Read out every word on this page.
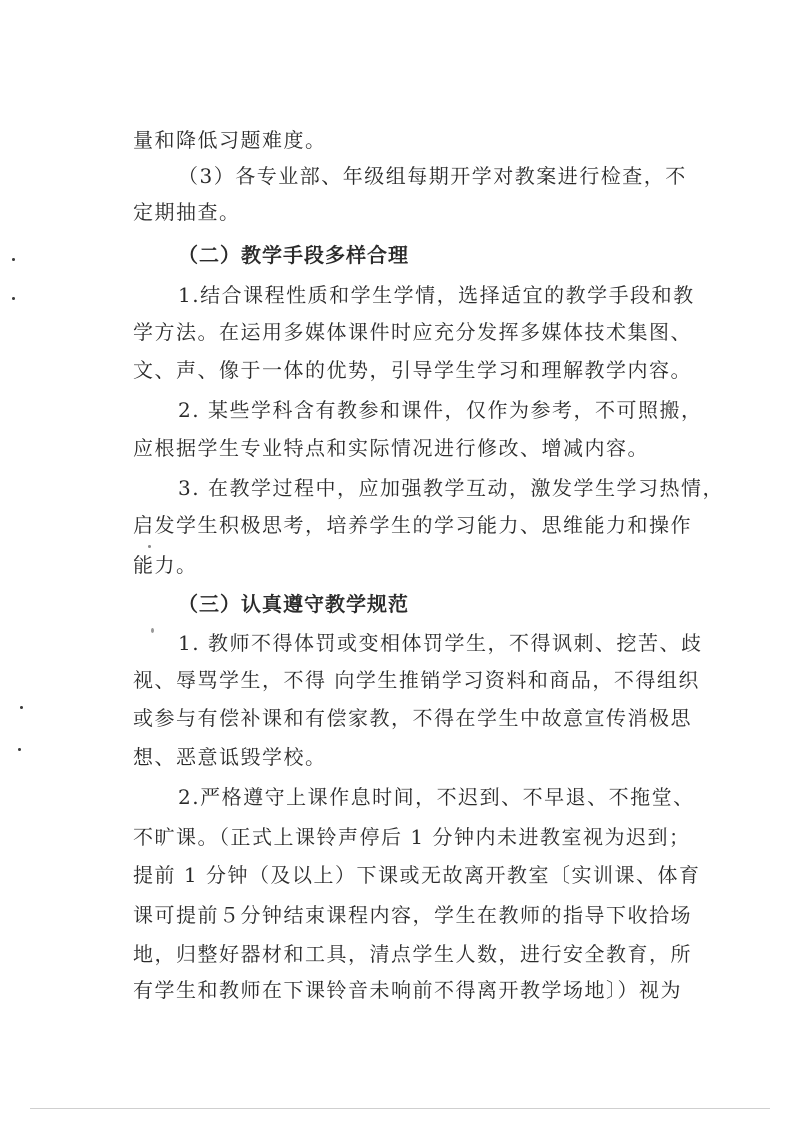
量和降低习题难度。
（3）各专业部、年级组每期开学对教案进行检查，不
定期抽查。
（二）教学手段多样合理
1.结合课程性质和学生学情，选择适宜的教学手段和教
学方法。在运用多媒体课件时应充分发挥多媒体技术集图、
文、声、像于一体的优势，引导学生学习和理解教学内容。
2. 某些学科含有教参和课件，仅作为参考，不可照搬，
应根据学生专业特点和实际情况进行修改、增减内容。
3. 在教学过程中，应加强教学互动，激发学生学习热情，
启发学生积极思考，培养学生的学习能力、思维能力和操作
能力。
（三）认真遵守教学规范
1. 教师不得体罚或变相体罚学生，不得讽刺、挖苦、歧
视、辱骂学生，不得 向学生推销学习资料和商品，不得组织
或参与有偿补课和有偿家教，不得在学生中故意宣传消极思
想、恶意诋毁学校。
2.严格遵守上课作息时间，不迟到、不早退、不拖堂、
不旷课。（正式上课铃声停后 1 分钟内未进教室视为迟到；
提前 1 分钟（及以上）下课或无故离开教室〔实训课、体育
课可提前５分钟结束课程内容，学生在教师的指导下收拾场
地，归整好器材和工具，清点学生人数，进行安全教育，所
有学生和教师在下课铃音未响前不得离开教学场地〕）视为
